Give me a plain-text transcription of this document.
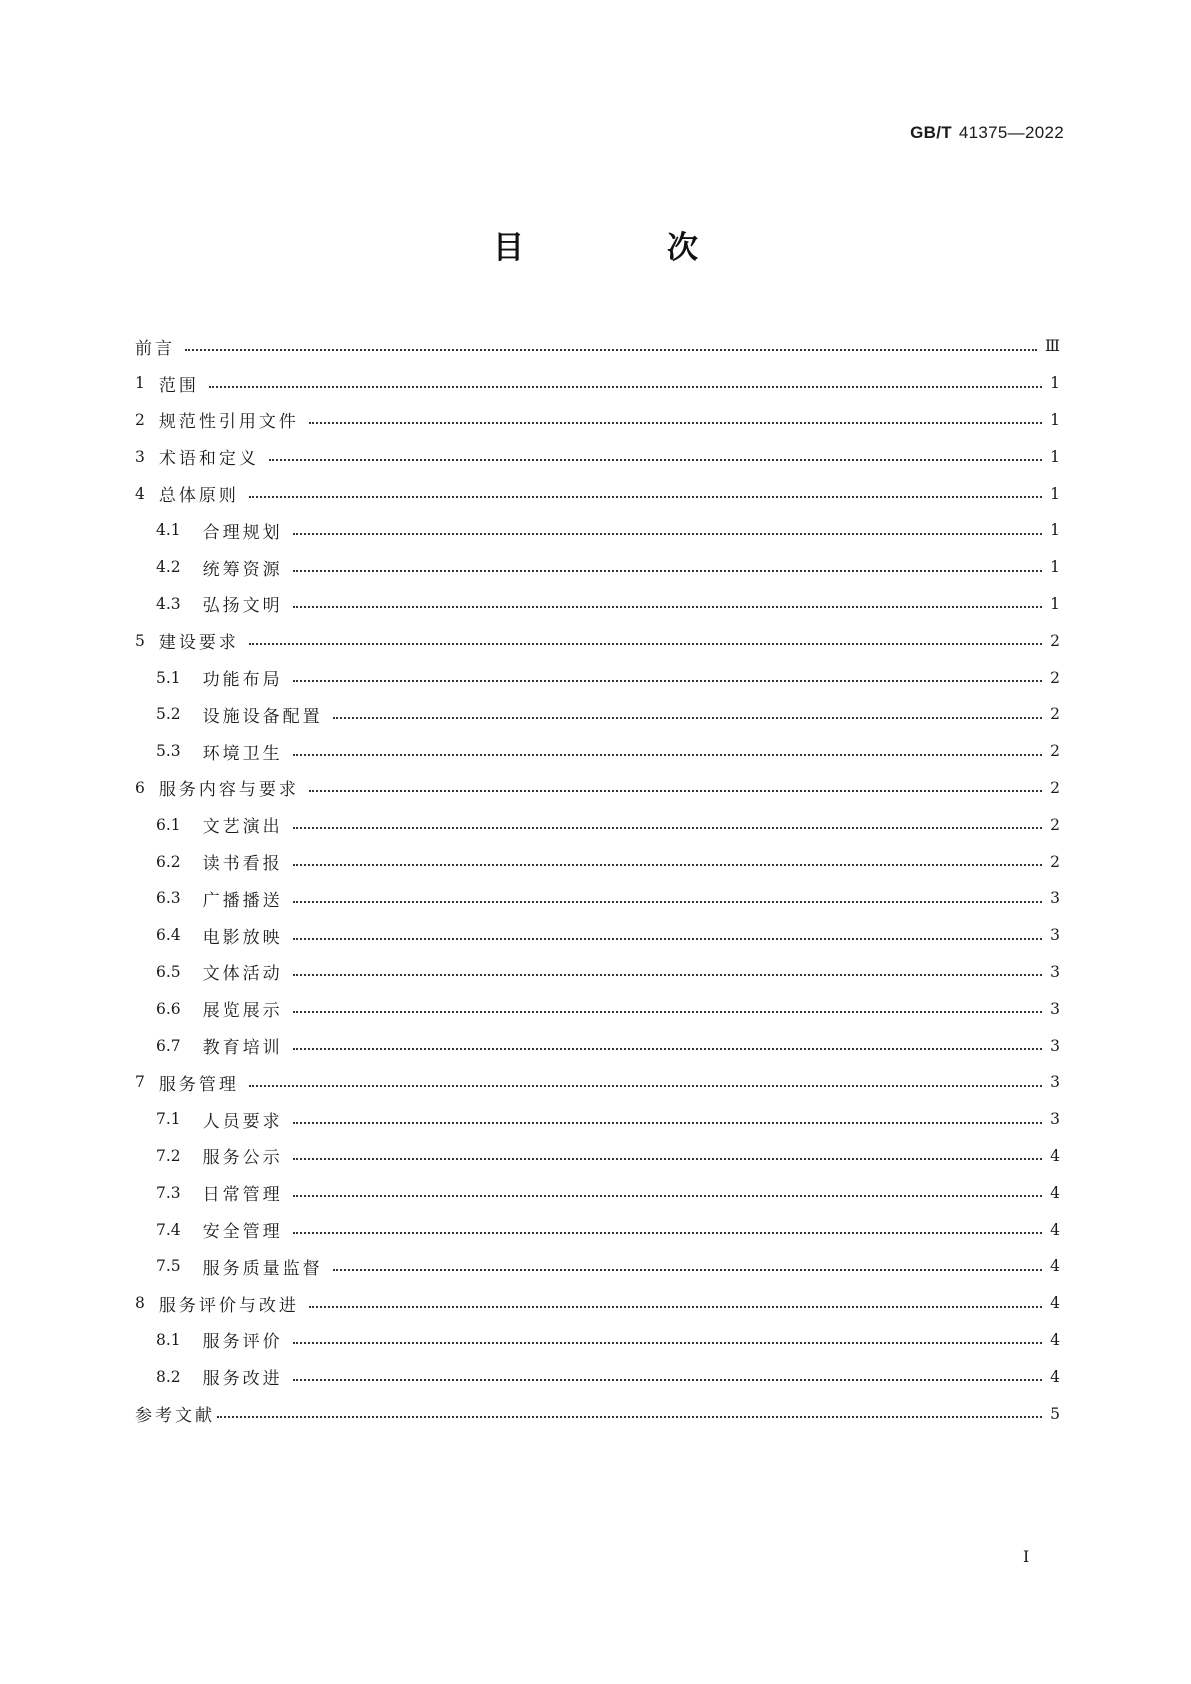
GB/T 41375—2022
目　次
前言	Ⅲ
1 范围	1
2 规范性引用文件	1
3 术语和定义	1
4 总体原则	1
4.1 合理规划	1
4.2 统筹资源	1
4.3 弘扬文明	1
5 建设要求	2
5.1 功能布局	2
5.2 设施设备配置	2
5.3 环境卫生	2
6 服务内容与要求	2
6.1 文艺演出	2
6.2 读书看报	2
6.3 广播播送	3
6.4 电影放映	3
6.5 文体活动	3
6.6 展览展示	3
6.7 教育培训	3
7 服务管理	3
7.1 人员要求	3
7.2 服务公示	4
7.3 日常管理	4
7.4 安全管理	4
7.5 服务质量监督	4
8 服务评价与改进	4
8.1 服务评价	4
8.2 服务改进	4
参考文献	5
I
